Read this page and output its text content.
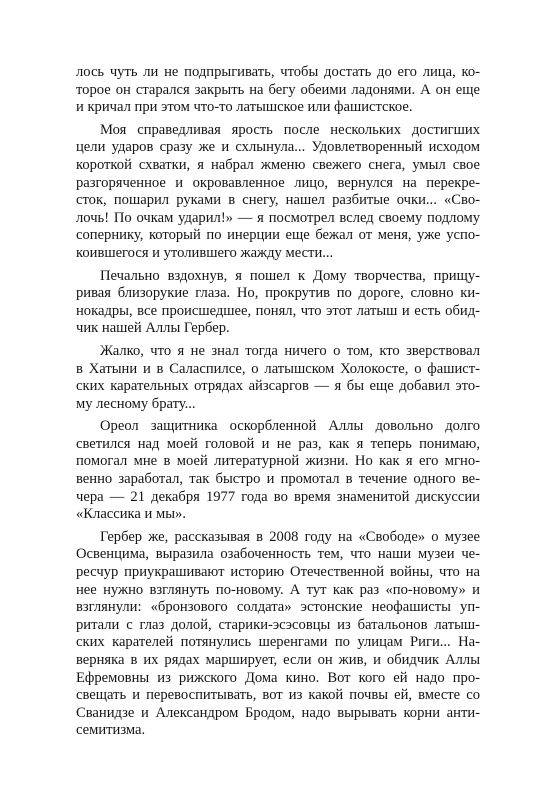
лось чуть ли не подпрыгивать, чтобы достать до его лица, ко-
торое он старался закрыть на бегу обеими ладонями. А он еще
и кричал при этом что-то латышское или фашистское.
Моя справедливая ярость после нескольких достигших
цели ударов сразу же и схлынула... Удовлетворенный исходом
короткой схватки, я набрал жменю свежего снега, умыл свое
разгоряченное и окровавленное лицо, вернулся на перекре-
сток, пошарил руками в снегу, нашел разбитые очки... «Сво-
лочь! По очкам ударил!» — я посмотрел вслед своему подлому
сопернику, который по инерции еще бежал от меня, уже успо-
коившегося и утолившего жажду мести...
Печально вздохнув, я пошел к Дому творчества, прищу-
ривая близорукие глаза. Но, прокрутив по дороге, словно ки-
нокадры, все происшедшее, понял, что этот латыш и есть обид-
чик нашей Аллы Гербер.
Жалко, что я не знал тогда ничего о том, кто зверствовал
в Хатыни и в Саласпилсе, о латышском Холокосте, о фашист-
ских карательных отрядах айзсаргов — я бы еще добавил это-
му лесному брату...
Ореол защитника оскорбленной Аллы довольно долго
светился над моей головой и не раз, как я теперь понимаю,
помогал мне в моей литературной жизни. Но как я его мгно-
венно заработал, так быстро и промотал в течение одного ве-
чера — 21 декабря 1977 года во время знаменитой дискуссии
«Классика и мы».
Гербер же, рассказывая в 2008 году на «Свободе» о музее
Освенцима, выразила озабоченность тем, что наши музеи че-
ресчур приукрашивают историю Отечественной войны, что на
нее нужно взглянуть по-новому. А тут как раз «по-новому» и
взглянули: «бронзового солдата» эстонские неофашисты уп-
ритали с глаз долой, старики-эсэсовцы из батальонов латыш-
ских карателей потянулись шеренгами по улицам Риги... На-
верняка в их рядах марширует, если он жив, и обидчик Аллы
Ефремовны из рижского Дома кино. Вот кого ей надо про-
свещать и перевоспитывать, вот из какой почвы ей, вместе со
Сванидзе и Александром Бродом, надо вырывать корни анти-
семитизма.
